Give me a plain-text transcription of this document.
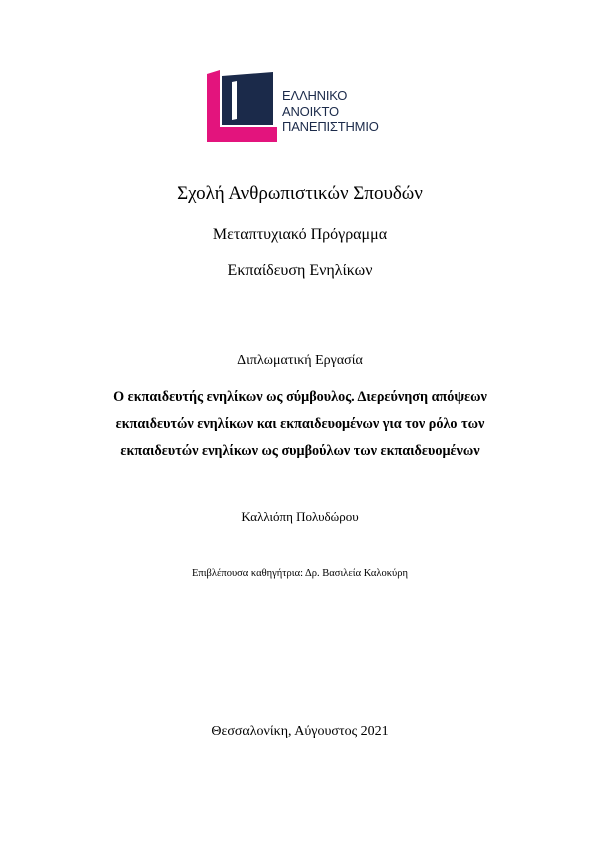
ΕΛΛΗΝΙΚΟ
ΑΝΟΙΚΤΟ
ΠΑΝΕΠΙΣΤΗΜΙΟ
Σχολή Ανθρωπιστικών Σπουδών
Μεταπτυχιακό Πρόγραμμα
Εκπαίδευση Ενηλίκων
Διπλωματική Εργασία
Ο εκπαιδευτής ενηλίκων ως σύμβουλος. Διερεύνηση απόψεων
εκπαιδευτών ενηλίκων και εκπαιδευομένων για τον ρόλο των
εκπαιδευτών ενηλίκων ως συμβούλων των εκπαιδευομένων
Καλλιόπη Πολυδώρου
Επιβλέπουσα καθηγήτρια: Δρ. Βασιλεία Καλοκύρη
Θεσσαλονίκη, Αύγουστος 2021
